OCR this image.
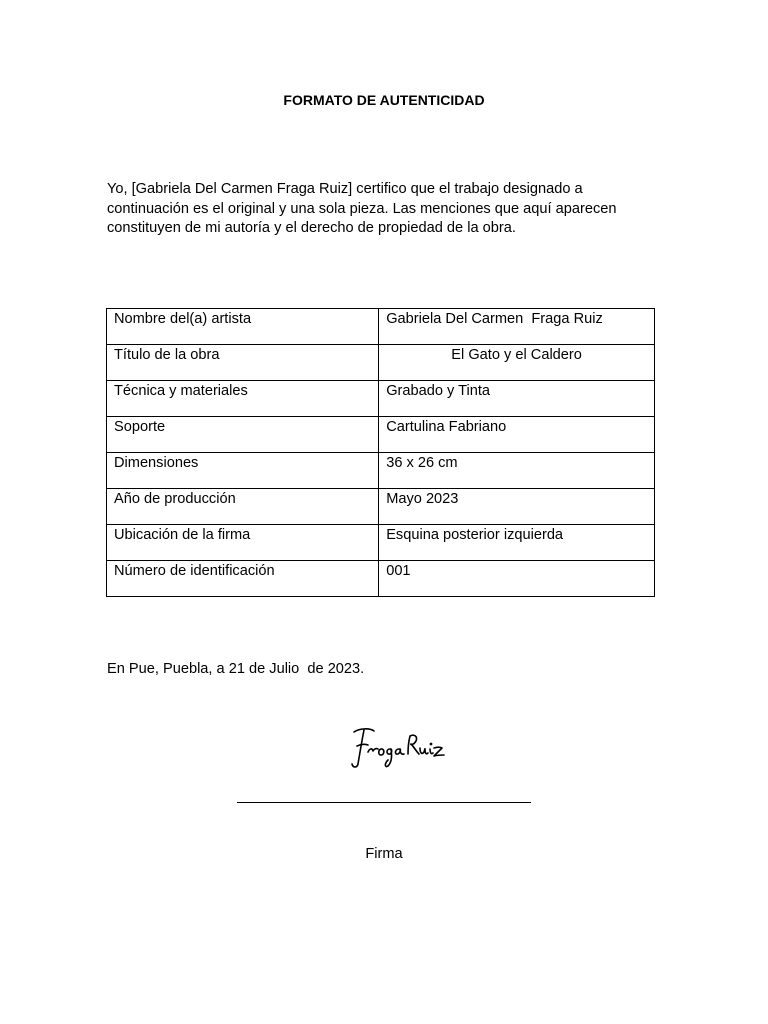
FORMATO DE AUTENTICIDAD

Yo, [Gabriela Del Carmen Fraga Ruiz] certifico que el trabajo designado a continuación es el original y una sola pieza. Las menciones que aquí aparecen constituyen de mi autoría y el derecho de propiedad de la obra.

Nombre del(a) artista	Gabriela Del Carmen  Fraga Ruiz
Título de la obra	El Gato y el Caldero
Técnica y materiales	Grabado y Tinta
Soporte	Cartulina Fabriano
Dimensiones	36 x 26 cm
Año de producción	Mayo 2023
Ubicación de la firma	Esquina posterior izquierda
Número de identificación	001

En Pue, Puebla, a 21 de Julio  de 2023.

Firma
